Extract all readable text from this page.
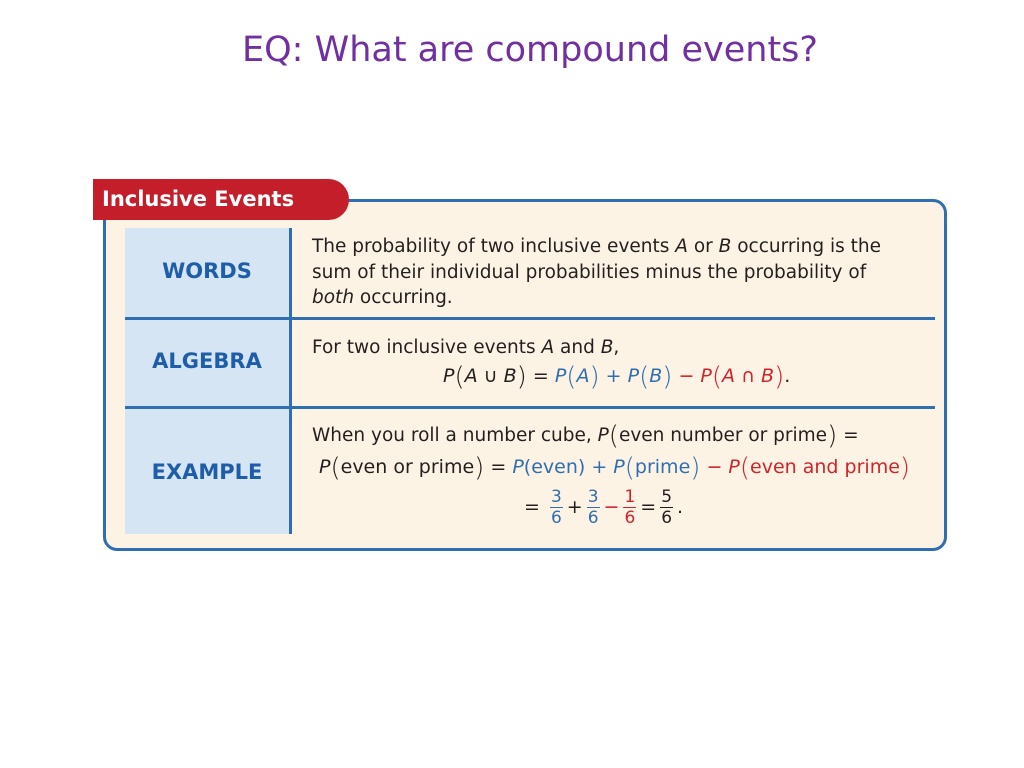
EQ: What are compound events?
Inclusive Events
WORDS
The probability of two inclusive events A or B occurring is the
sum of their individual probabilities minus the probability of
both occurring.
ALGEBRA
For two inclusive events A and B,
P(A ∪ B) = P(A) + P(B) − P(A ∩ B).
EXAMPLE
When you roll a number cube, P(even number or prime) =
P(even or prime) = P(even) + P(prime) − P(even and prime)
= $\frac{3}{6} + \frac{3}{6} - \frac{1}{6} = \frac{5}{6}$ .
